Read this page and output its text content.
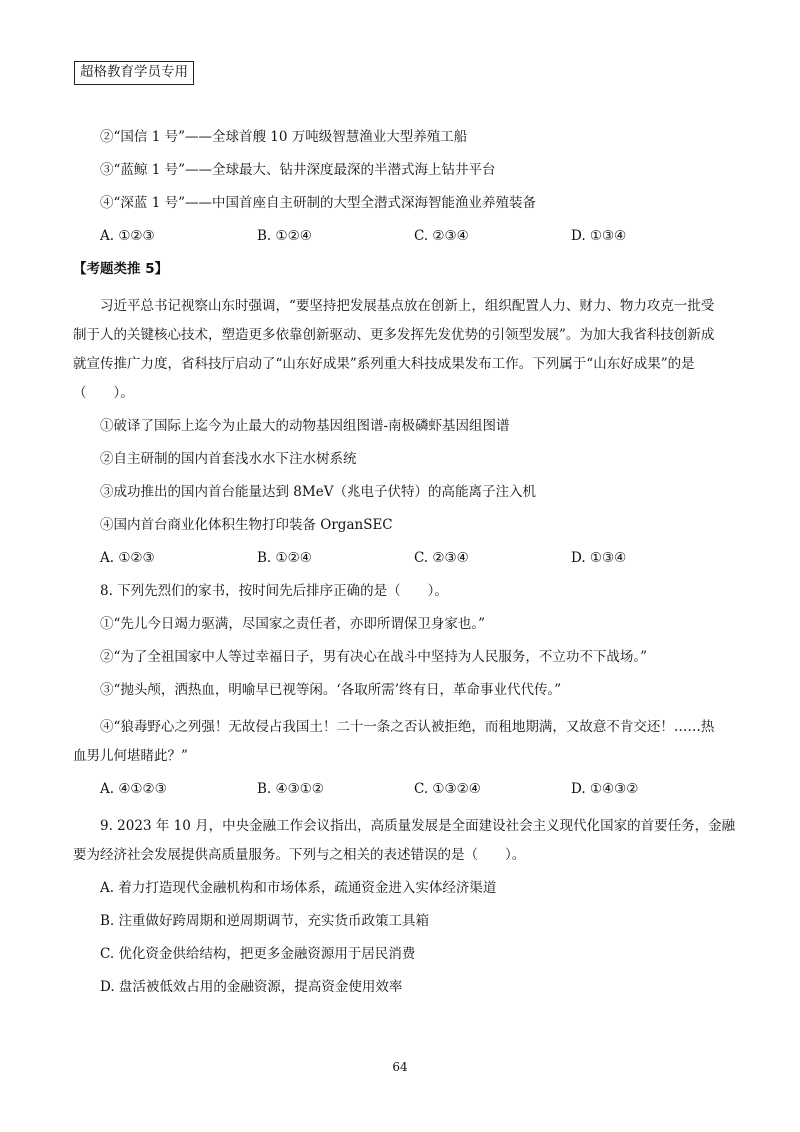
超格教育学员专用
②“国信 1 号”——全球首艘 10 万吨级智慧渔业大型养殖工船
③“蓝鲸 1 号”——全球最大、钻井深度最深的半潜式海上钻井平台
④“深蓝 1 号”——中国首座自主研制的大型全潜式深海智能渔业养殖装备
A. ①②③	B. ①②④	C. ②③④	D. ①③④
【考题类推 5】
习近平总书记视察山东时强调，“要坚持把发展基点放在创新上，组织配置人力、财力、物力攻克一批受
制于人的关键核心技术，塑造更多依靠创新驱动、更多发挥先发优势的引领型发展”。为加大我省科技创新成
就宣传推广力度，省科技厅启动了“山东好成果”系列重大科技成果发布工作。下列属于“山东好成果”的是
（　　）。
①破译了国际上迄今为止最大的动物基因组图谱-南极磷虾基因组图谱
②自主研制的国内首套浅水水下注水树系统
③成功推出的国内首台能量达到 8MeV（兆电子伏特）的高能离子注入机
④国内首台商业化体积生物打印装备 OrganSEC
A. ①②③	B. ①②④	C. ②③④	D. ①③④
8. 下列先烈们的家书，按时间先后排序正确的是（　　）。
①“先儿今日竭力驱满，尽国家之责任者，亦即所谓保卫身家也。”
②“为了全祖国家中人等过幸福日子，男有决心在战斗中坚持为人民服务，不立功不下战场。”
③“抛头颅，洒热血，明喻早已视等闲。‘各取所需’终有日，革命事业代代传。”
④“狼毒野心之列强！无故侵占我国土！二十一条之否认被拒绝，而租地期满，又故意不肯交还！……热
血男儿何堪睹此？”
A. ④①②③	B. ④③①②	C. ①③②④	D. ①④③②
9. 2023 年 10 月，中央金融工作会议指出，高质量发展是全面建设社会主义现代化国家的首要任务，金融
要为经济社会发展提供高质量服务。下列与之相关的表述错误的是（　　）。
A. 着力打造现代金融机构和市场体系，疏通资金进入实体经济渠道
B. 注重做好跨周期和逆周期调节，充实货币政策工具箱
C. 优化资金供给结构，把更多金融资源用于居民消费
D. 盘活被低效占用的金融资源，提高资金使用效率
64
